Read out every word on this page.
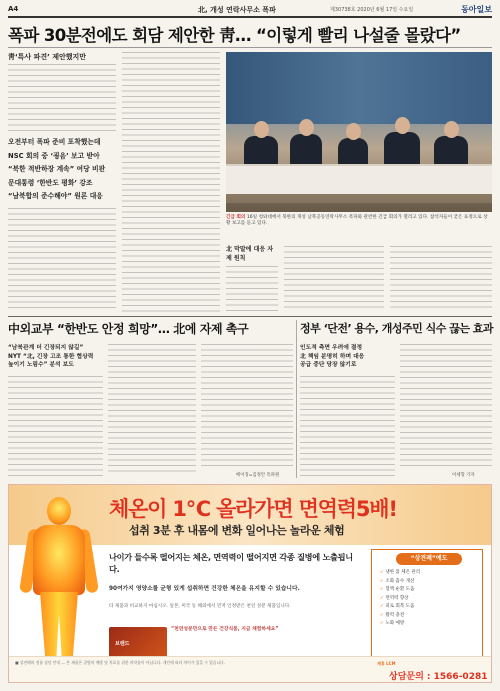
A4	北, 개성 연락사무소 폭파	제30738호 2020년 6월 17일 수요일	동아일보
폭파 30분전에도 회담 제안한 靑… “이렇게 빨리 나설줄 몰랐다”
靑‘특사 파견’ 제안했지만
오전부터 폭파 준비 포착했는데
NSC 회의 중 ‘굉음’ 보고 받아
“북한 적반하장 계속” 여당 비판
문대통령 ‘한반도 평화’ 강조
“남북합의 준수해야” 원론 대응
긴급 회의 16일 청와대에서 북한의 개성 남북공동연락사무소 폭파와 관련한 긴급 회의가 열리고 있다. 참석자들이 굳은 표정으로 상황 보고를 듣고 있다.
北 막말에 대응 자제 원칙
中외교부 “한반도 안정 희망”… 北에 자제 촉구
“남북관계 더 긴장되지 않길”
NYT “北, 긴장 고조 통한 협상력
높이기 노림수” 분석 보도
베이징=김정안 특파원
정부 ‘단전’ 용수, 개성주민 식수 끊는 효과
인도적 측면 우려에 결정
北 책임 분명히 하며 대응
공급 중단 당장 않기로
이세형 기자
체온이 1℃ 올라가면 면역력5배!
섭취 3분 후 내몸에 변화 일어나는 놀라운 체험
나이가 들수록 떨어지는 체온, 면역력이 떨어지면 각종 질병에 노출됩니다.
90여가지 영양소를 균형 있게 섭취하면 건강한 체온을 유지할 수 있습니다.
타 제품과 비교하지 마십시오. 일본, 미국 등 해외에서 먼저 인정받은 천연 성분 제품입니다.
브랜드
“천연성분만으로 만든 건강식품, 지금 체험하세요”
“상견례”에도
✓ 냉한 몸 체온 관리
✓ 소화 흡수 개선
✓ 혈액 순환 도움
✓ 면역력 향상
✓ 피로 회복 도움
✓ 활력 충전
✓ 노화 예방
■ 상견례의 정품 상담 안내 — 본 제품은 질병의 예방 및 치료를 위한 의약품이 아닙니다. 개인에 따라 차이가 있을 수 있습니다.	제휴 LCM
상담문의 : 1566-0281
